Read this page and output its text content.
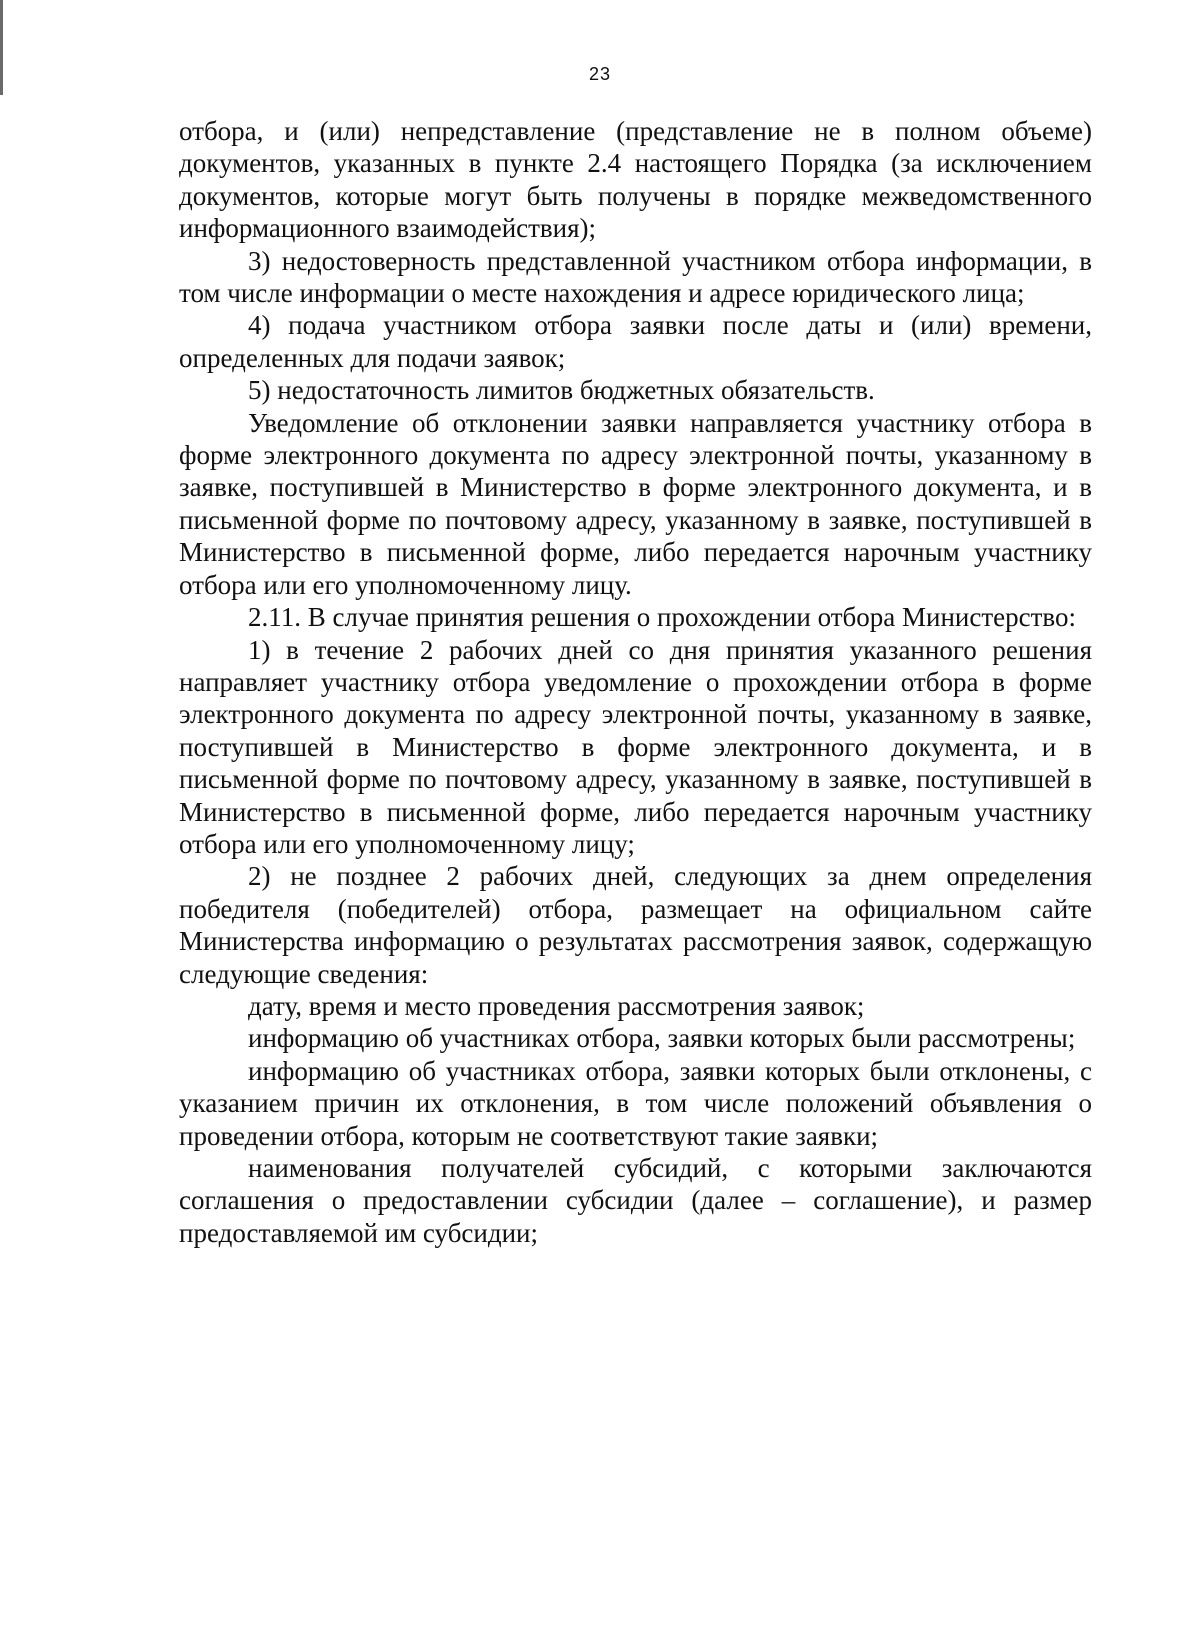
23

отбора, и (или) непредставление (представление не в полном объеме) документов, указанных в пункте 2.4 настоящего Порядка (за исключением документов, которые могут быть получены в порядке межведомственного информационного взаимодействия);

3) недостоверность представленной участником отбора информации, в том числе информации о месте нахождения и адресе юридического лица;

4) подача участником отбора заявки после даты и (или) времени, определенных для подачи заявок;

5) недостаточность лимитов бюджетных обязательств.

Уведомление об отклонении заявки направляется участнику отбора в форме электронного документа по адресу электронной почты, указанному в заявке, поступившей в Министерство в форме электронного документа, и в письменной форме по почтовому адресу, указанному в заявке, поступившей в Министерство в письменной форме, либо передается нарочным участнику отбора или его уполномоченному лицу.

2.11. В случае принятия решения о прохождении отбора Министерство:

1) в течение 2 рабочих дней со дня принятия указанного решения направляет участнику отбора уведомление о прохождении отбора в форме электронного документа по адресу электронной почты, указанному в заявке, поступившей в Министерство в форме электронного документа, и в письменной форме по почтовому адресу, указанному в заявке, поступившей в Министерство в письменной форме, либо передается нарочным участнику отбора или его уполномоченному лицу;

2) не позднее 2 рабочих дней, следующих за днем определения победителя (победителей) отбора, размещает на официальном сайте Министерства информацию о результатах рассмотрения заявок, содержащую следующие сведения:

дату, время и место проведения рассмотрения заявок;

информацию об участниках отбора, заявки которых были рассмотрены;

информацию об участниках отбора, заявки которых были отклонены, с указанием причин их отклонения, в том числе положений объявления о проведении отбора, которым не соответствуют такие заявки;

наименования получателей субсидий, с которыми заключаются соглашения о предоставлении субсидии (далее – соглашение), и размер предоставляемой им субсидии;
